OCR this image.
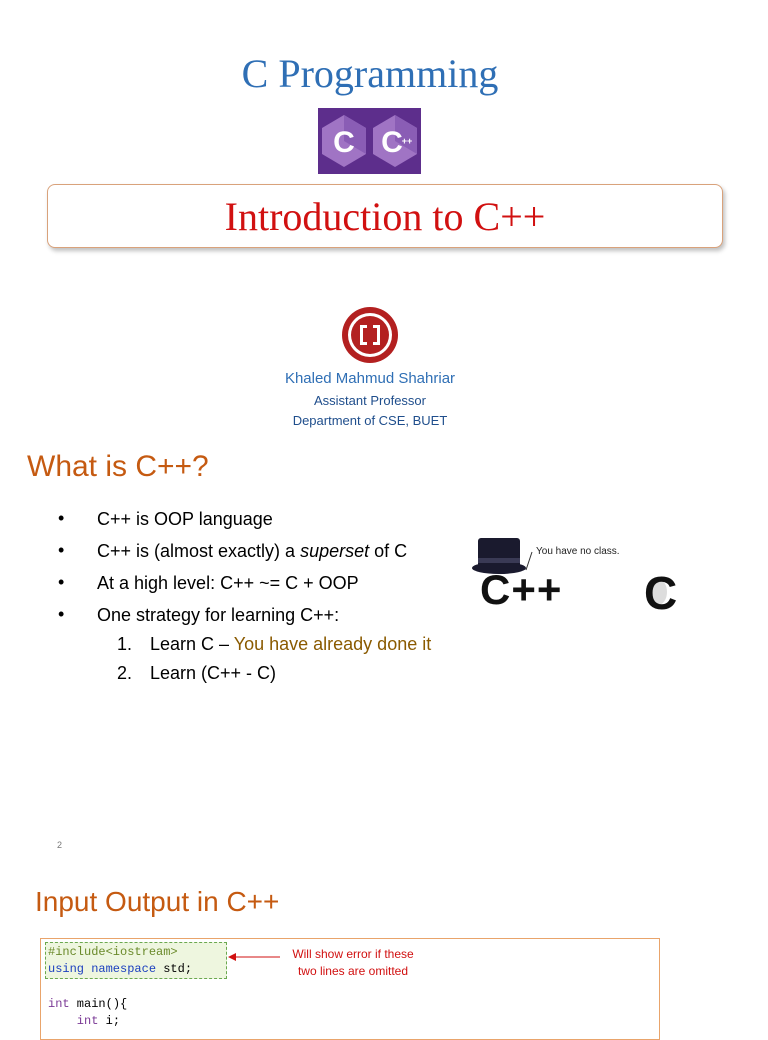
C Programming
C C
++
Introduction to C++
Khaled Mahmud Shahriar
Assistant Professor
Department of CSE, BUET
What is C++?
• C++ is OOP language
• C++ is (almost exactly) a superset of C
• At a high level: C++ ~= C + OOP
• One strategy for learning C++:
1. Learn C – You have already done it
2. Learn (C++ - C)
You have no class.
C++ C
2
Input Output in C++
#include<iostream>
using namespace std;
int main(){
int i;
Will show error if these
two lines are omitted
